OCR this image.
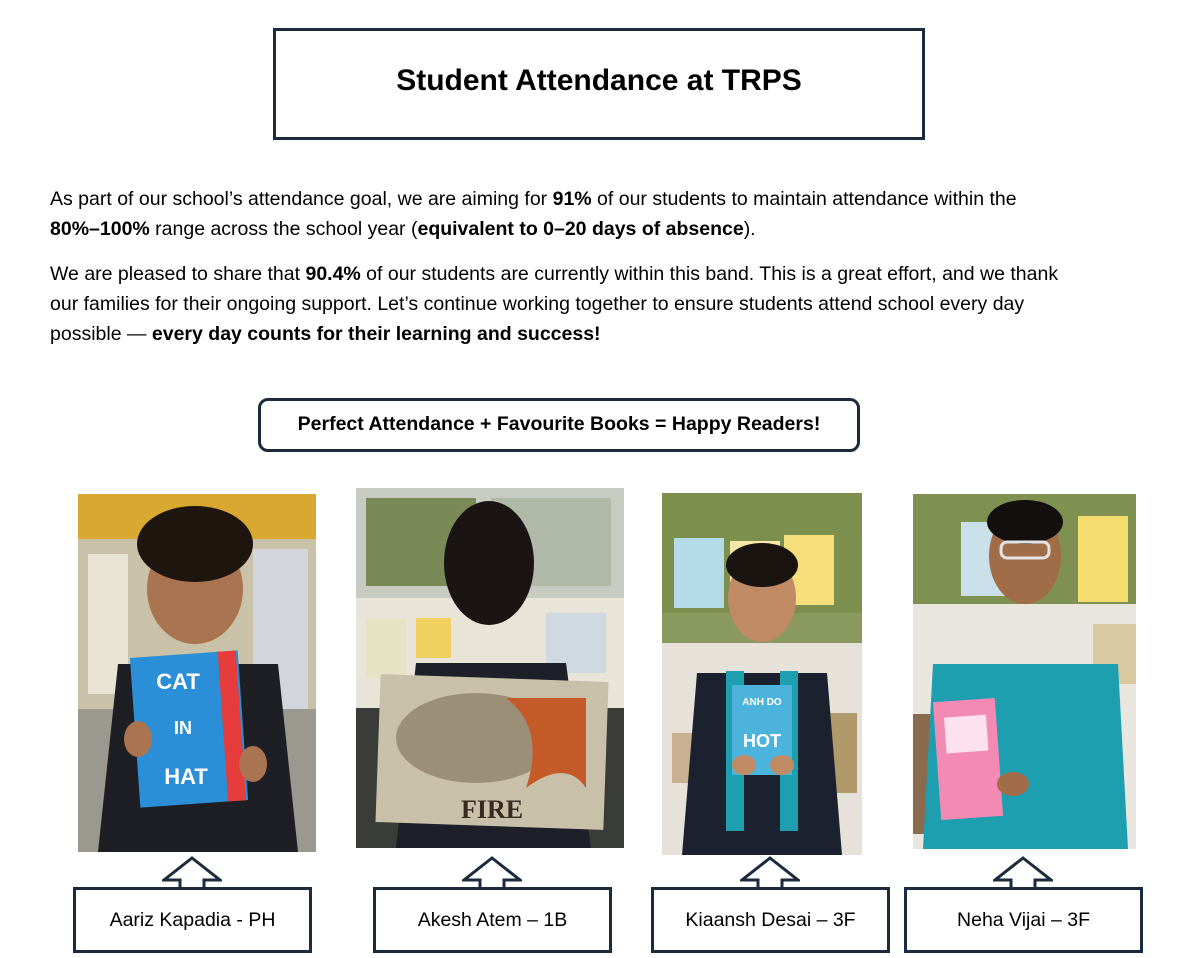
Student Attendance at TRPS

As part of our school’s attendance goal, we are aiming for 91% of our students to maintain attendance within the 80%–100% range across the school year (equivalent to 0–20 days of absence).

We are pleased to share that 90.4% of our students are currently within this band. This is a great effort, and we thank our families for their ongoing support. Let’s continue working together to ensure students attend school every day possible — every day counts for their learning and success!

Perfect Attendance + Favourite Books = Happy Readers!
CAT
IN
HAT
FIRE
ANH DO
HOT
Aariz Kapadia - PH	Akesh Atem – 1B	Kiaansh Desai – 3F	Neha Vijai – 3F
